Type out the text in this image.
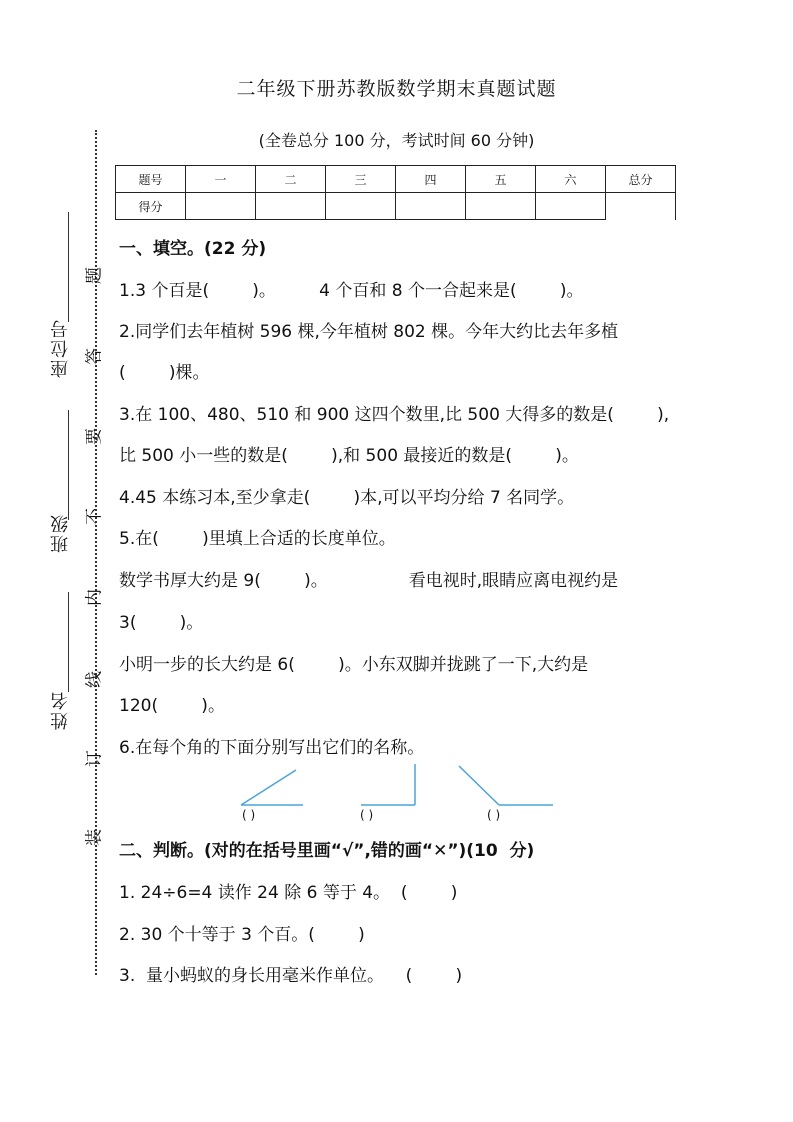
二年级下册苏教版数学期末真题试题
(全卷总分 100 分，考试时间 60 分钟)
题号	一	二	三	四	五	六	总分
得分							
座位号
班级
姓名
题
答
要
不
内
线
订
装
一、填空。(22 分)
1.3 个百是(        )。        4 个百和 8 个一合起来是(        )。
2.同学们去年植树 596 棵,今年植树 802 棵。今年大约比去年多植
(        )棵。
3.在 100、480、510 和 900 这四个数里,比 500 大得多的数是(        ),
比 500 小一些的数是(        ),和 500 最接近的数是(        )。
4.45 本练习本,至少拿走(        )本,可以平均分给 7 名同学。
5.在(        )里填上合适的长度单位。
数学书厚大约是 9(        )。               看电视时,眼睛应离电视约是
3(        )。
小明一步的长大约是 6(        )。小东双脚并拢跳了一下,大约是
120(        )。
6.在每个角的下面分别写出它们的名称。
( )	( )	( )
二、判断。(对的在括号里画“√”,错的画“✕”)(10  分)
1. 24÷6=4 读作 24 除 6 等于 4。  (        )
2. 30 个十等于 3 个百。(        )
3.  量小蚂蚁的身长用毫米作单位。    (        )
